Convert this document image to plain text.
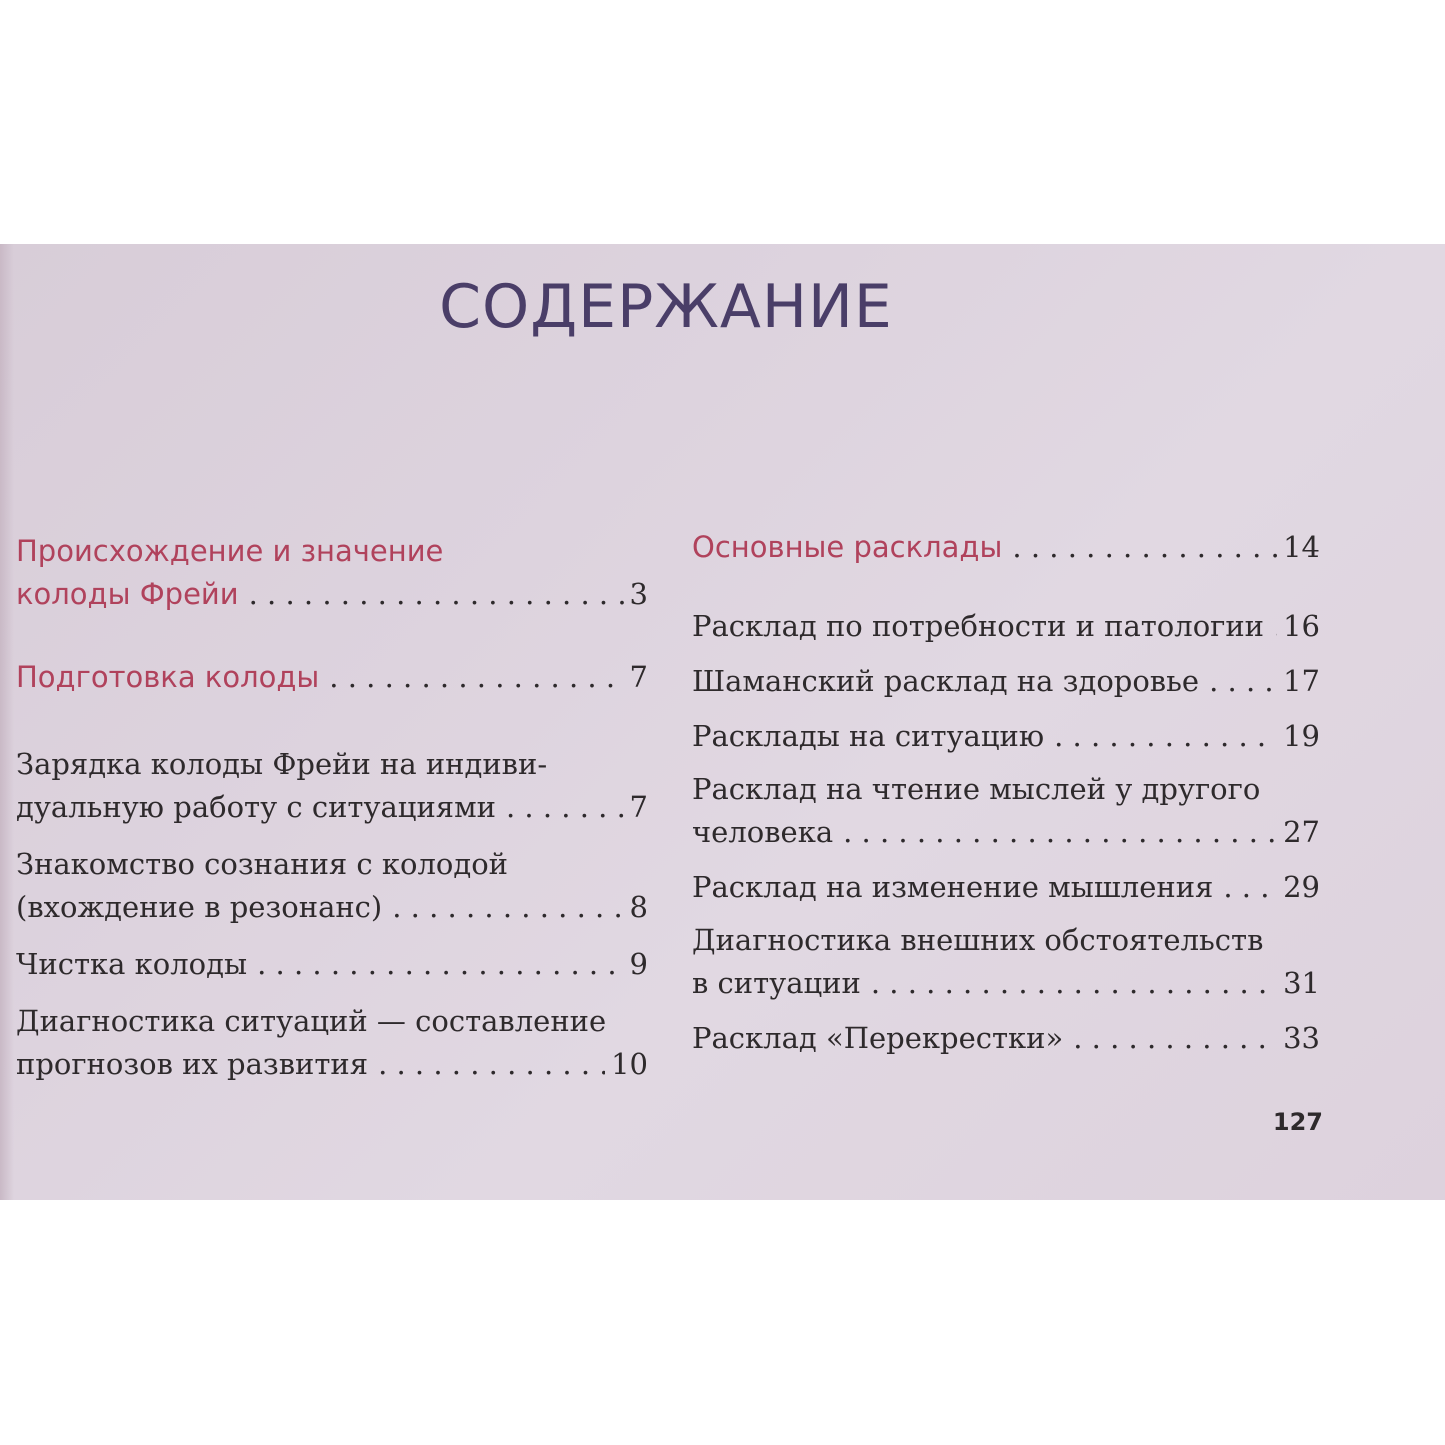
СОДЕРЖАНИЕ
Происхождение и значение
колоды Фрейи . . .	3
Подготовка колоды . . .	7
Зарядка колоды Фрейи на индиви-
дуальную работу с ситуациями . . .	7
Знакомство сознания с колодой
(вхождение в резонанс) . . .	8
Чистка колоды . . .	9
Диагностика ситуаций — составление
прогнозов их развития . . .	10
Основные расклады . . .	14
Расклад по потребности и патологии . . . 16
Шаманский расклад на здоровье . . .	17
Расклады на ситуацию . . .	19
Расклад на чтение мыслей у другого
человека . . .	27
Расклад на изменение мышления . . . 29
Диагностика внешних обстоятельств
в ситуации . . .	31
Расклад «Перекрестки» . . .	33
127
